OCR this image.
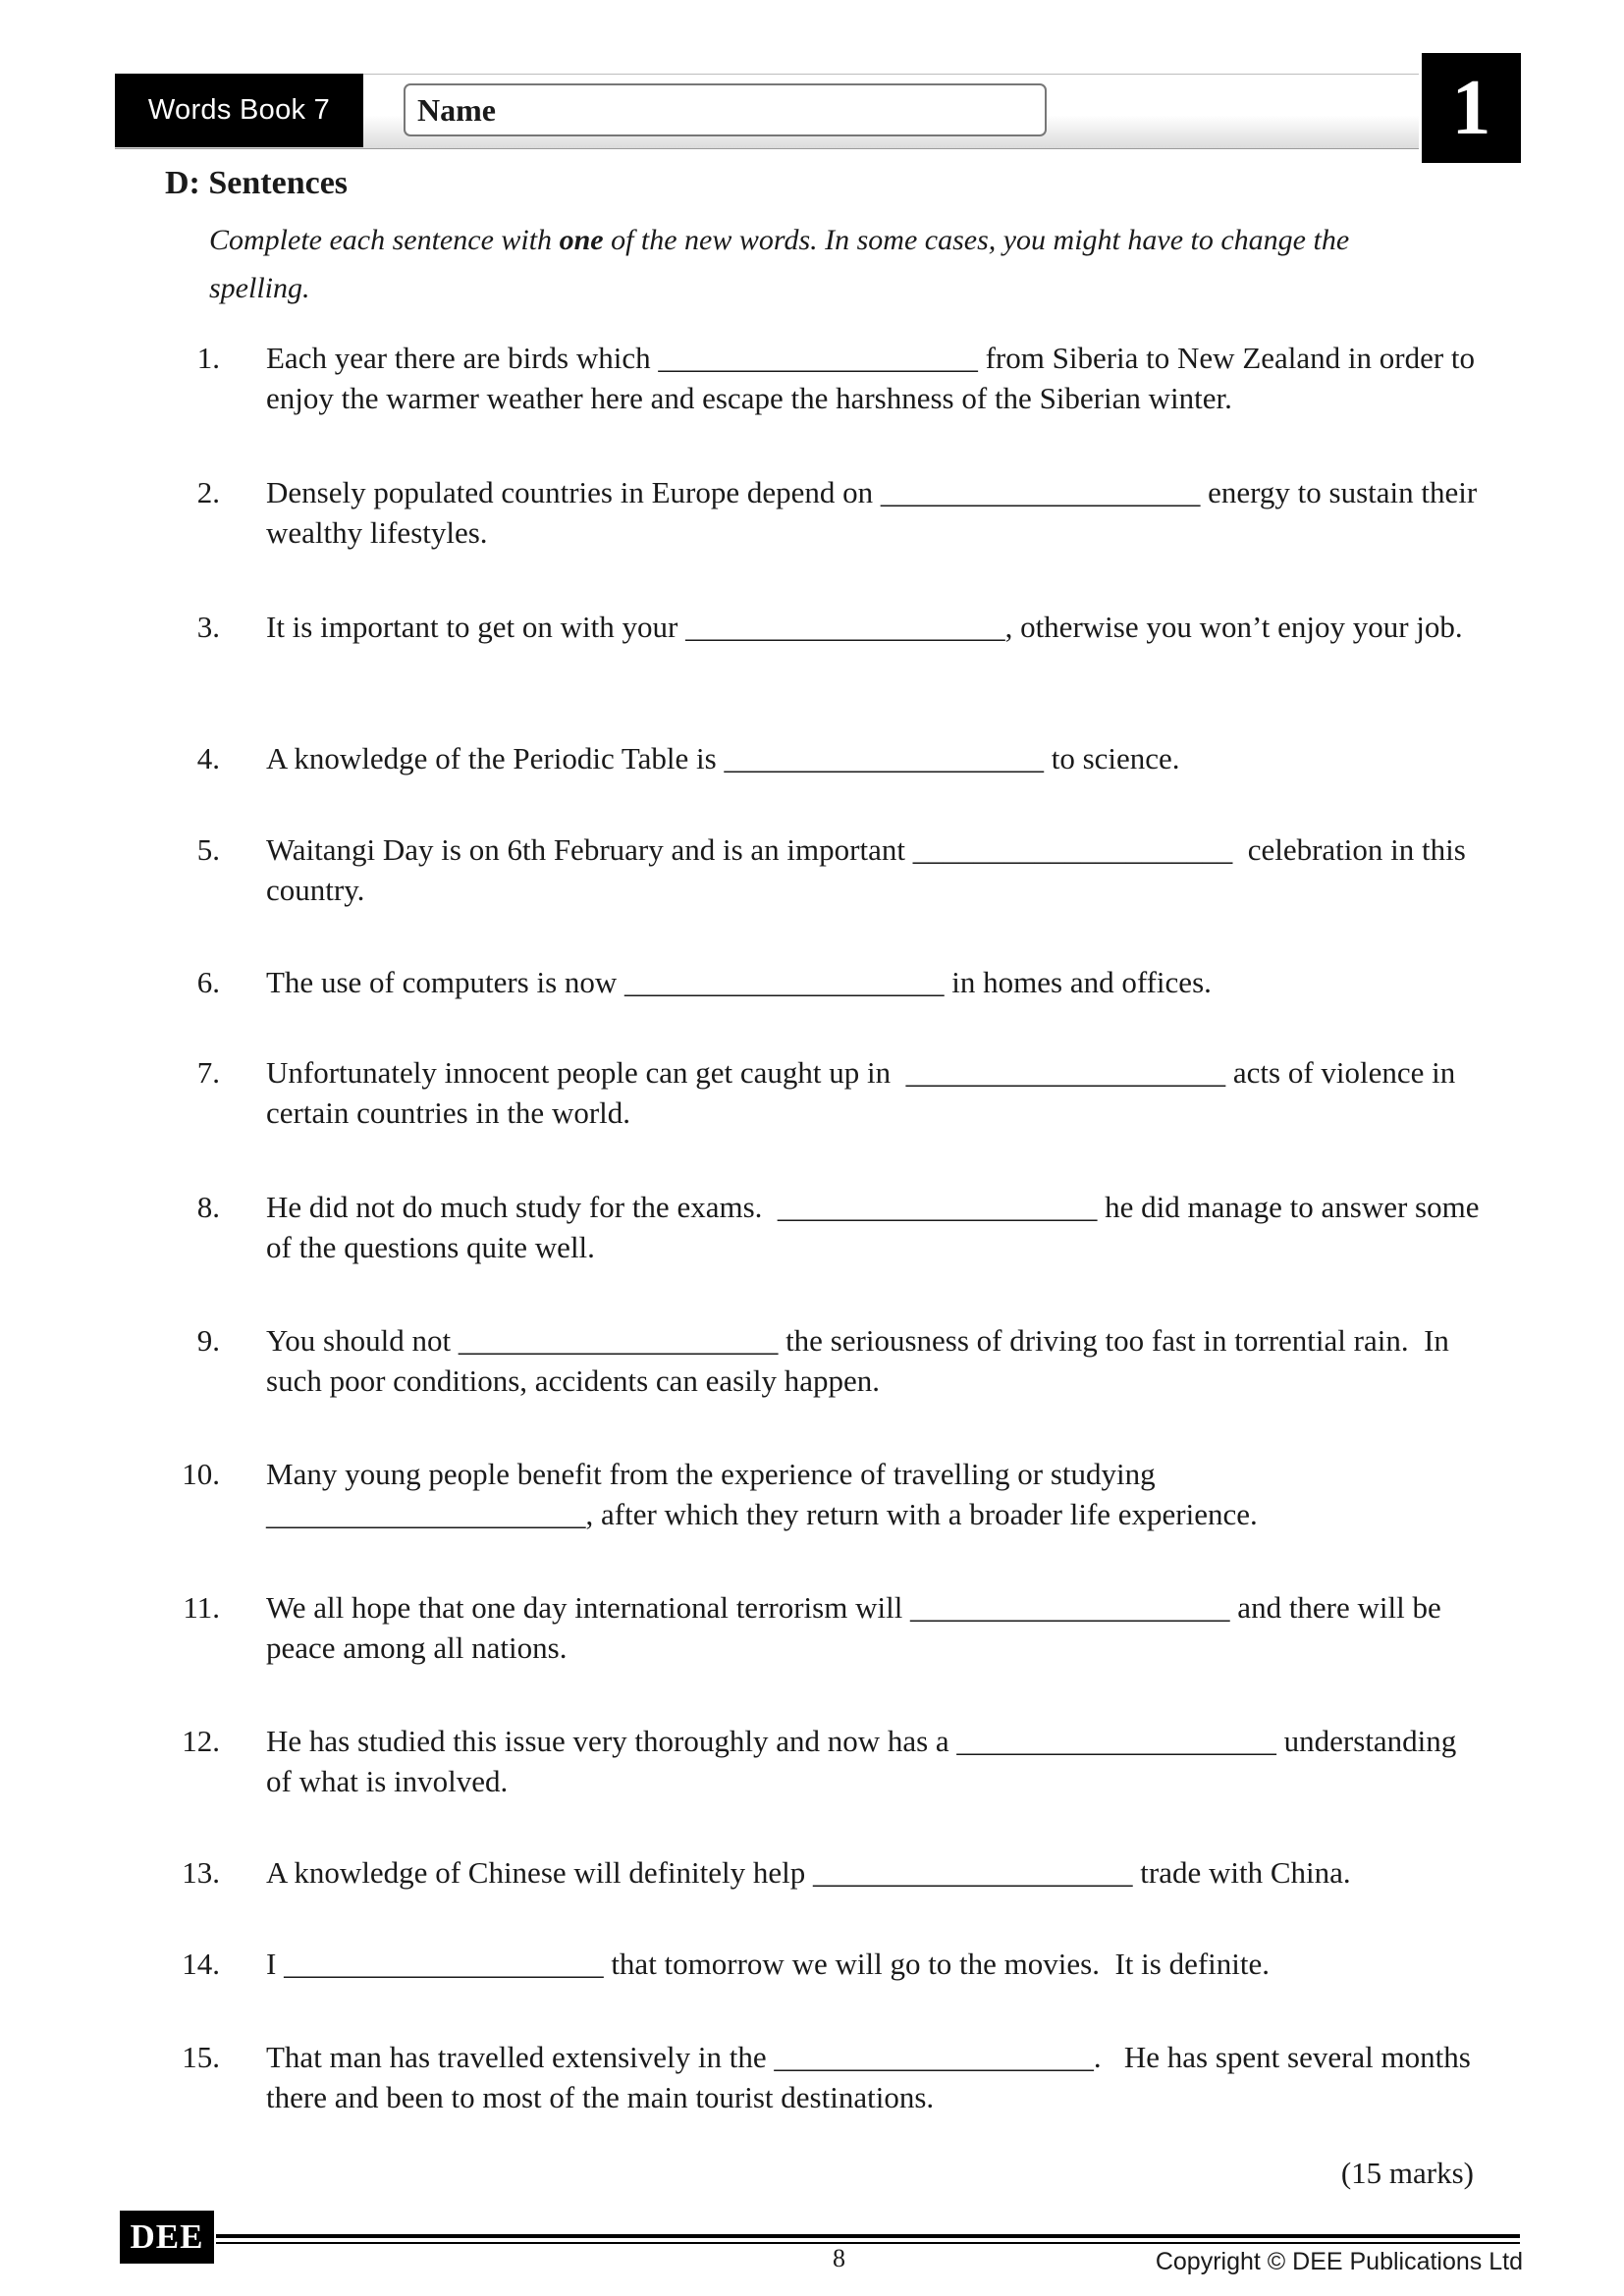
Words Book 7	Name	1
D: Sentences
Complete each sentence with one of the new words. In some cases, you might have to change the spelling.
1. Each year there are birds which _____________________ from Siberia to New Zealand in order to enjoy the warmer weather here and escape the harshness of the Siberian winter.
2. Densely populated countries in Europe depend on _____________________ energy to sustain their wealthy lifestyles.
3. It is important to get on with your _____________________, otherwise you won’t enjoy your job.
4. A knowledge of the Periodic Table is _____________________ to science.
5. Waitangi Day is on 6th February and is an important _____________________  celebration in this country.
6. The use of computers is now _____________________ in homes and offices.
7. Unfortunately innocent people can get caught up in  _____________________ acts of violence in certain countries in the world.
8. He did not do much study for the exams.  _____________________ he did manage to answer some of the questions quite well.
9. You should not _____________________ the seriousness of driving too fast in torrential rain.  In such poor conditions, accidents can easily happen.
10. Many young people benefit from the experience of travelling or studying _____________________, after which they return with a broader life experience.
11. We all hope that one day international terrorism will _____________________ and there will be peace among all nations.
12. He has studied this issue very thoroughly and now has a _____________________ understanding of what is involved.
13. A knowledge of Chinese will definitely help _____________________ trade with China.
14. I _____________________ that tomorrow we will go to the movies.  It is definite.
15. That man has travelled extensively in the _____________________.   He has spent several months there and been to most of the main tourist destinations.
(15 marks)
DEE
8	Copyright © DEE Publications Ltd
